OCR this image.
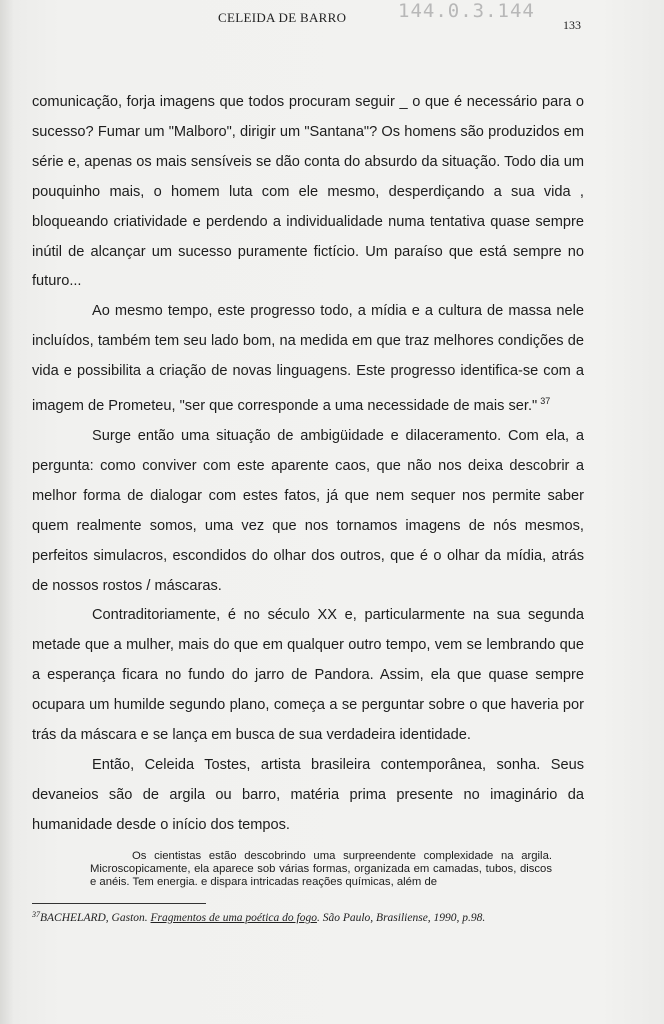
144.0.3.144
CELEIDA DE BARRO	133

comunicação, forja imagens que todos procuram seguir _ o que é necessário para o sucesso? Fumar um "Malboro", dirigir um "Santana"? Os homens são produzidos em série e, apenas os mais sensíveis se dão conta do absurdo da situação. Todo dia um pouquinho mais, o homem luta com ele mesmo, desperdiçando a sua vida , bloqueando criatividade e perdendo a individualidade numa tentativa quase sempre inútil de alcançar um sucesso puramente fictício. Um paraíso que está sempre no futuro...

Ao mesmo tempo, este progresso todo, a mídia e a cultura de massa nele incluídos, também tem seu lado bom, na medida em que traz melhores condições de vida e possibilita a criação de novas linguagens. Este progresso identifica-se com a imagem de Prometeu, "ser que corresponde a uma necessidade de mais ser." $^{37}$

Surge então uma situação de ambigüidade e dilaceramento. Com ela, a pergunta: como conviver com este aparente caos, que não nos deixa descobrir a melhor forma de dialogar com estes fatos, já que nem sequer nos permite saber quem realmente somos, uma vez que nos tornamos imagens de nós mesmos, perfeitos simulacros, escondidos do olhar dos outros, que é o olhar da mídia, atrás de nossos rostos / máscaras.

Contraditoriamente, é no século XX e, particularmente na sua segunda metade que a mulher, mais do que em qualquer outro tempo, vem se lembrando que a esperança ficara no fundo do jarro de Pandora. Assim, ela que quase sempre ocupara um humilde segundo plano, começa a se perguntar sobre o que haveria por trás da máscara e se lança em busca de sua verdadeira identidade.

Então, Celeida Tostes, artista brasileira contemporânea, sonha. Seus devaneios são de argila ou barro, matéria prima presente no imaginário da humanidade desde o início dos tempos.

Os cientistas estão descobrindo uma surpreendente complexidade na argila. Microscopicamente, ela aparece sob várias formas, organizada em camadas, tubos, discos e anéis. Tem energia. e dispara intricadas reações químicas, além de

$^{37}$BACHELARD, Gaston. Fragmentos de uma poética do fogo. São Paulo, Brasiliense, 1990, p.98.
